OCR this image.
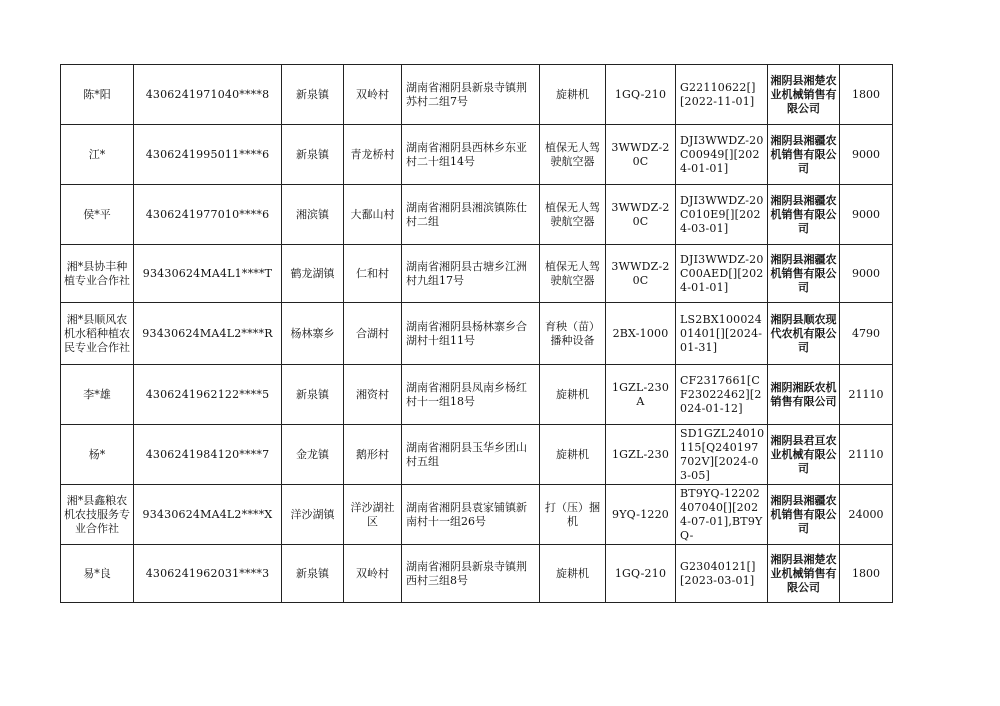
陈*阳	4306241971040****8	新泉镇	双岭村	湖南省湘阴县新泉寺镇荆苏村二组7号	旋耕机	1GQ-210	G22110622[][2022-11-01]	湘阴县湘楚农业机械销售有限公司	1800
江*	4306241995011****6	新泉镇	青龙桥村	湖南省湘阴县西林乡东亚村二十组14号	植保无人驾驶航空器	3WWDZ-20C	DJI3WWDZ-20C00949[][2024-01-01]	湘阴县湘疆农机销售有限公司	9000
侯*平	4306241977010****6	湘滨镇	大鄱山村	湖南省湘阴县湘滨镇陈仕村二组	植保无人驾驶航空器	3WWDZ-20C	DJI3WWDZ-20C010E9[][2024-03-01]	湘阴县湘疆农机销售有限公司	9000
湘*县协丰种植专业合作社	93430624MA4L1****T	鹤龙湖镇	仁和村	湖南省湘阴县古塘乡江洲村九组17号	植保无人驾驶航空器	3WWDZ-20C	DJI3WWDZ-20C00AED[][2024-01-01]	湘阴县湘疆农机销售有限公司	9000
湘*县顺风农机水稻种植农民专业合作社	93430624MA4L2****R	杨林寨乡	合湖村	湖南省湘阴县杨林寨乡合湖村十组11号	育秧（苗）播种设备	2BX-1000	LS2BX10002401401[][2024-01-31]	湘阴县顺农现代农机有限公司	4790
李*雄	4306241962122****5	新泉镇	湘资村	湖南省湘阴县凤南乡杨红村十一组18号	旋耕机	1GZL-230A	CF2317661[CF23022462][2024-01-12]	湘阴湘跃农机销售有限公司	21110
杨*	4306241984120****7	金龙镇	鹅形村	湖南省湘阴县玉华乡团山村五组	旋耕机	1GZL-230	SD1GZL24010115[Q240197702V][2024-03-05]	湘阴县君亘农业机械有限公司	21110
湘*县鑫粮农机农技服务专业合作社	93430624MA4L2****X	洋沙湖镇	洋沙湖社区	湖南省湘阴县袁家铺镇新南村十一组26号	打（压）捆机	9YQ-1220	BT9YQ-12202407040[][2024-07-01],BT9YQ-	湘阴县湘疆农机销售有限公司	24000
易*良	4306241962031****3	新泉镇	双岭村	湖南省湘阴县新泉寺镇荆西村三组8号	旋耕机	1GQ-210	G23040121[][2023-03-01]	湘阴县湘楚农业机械销售有限公司	1800
